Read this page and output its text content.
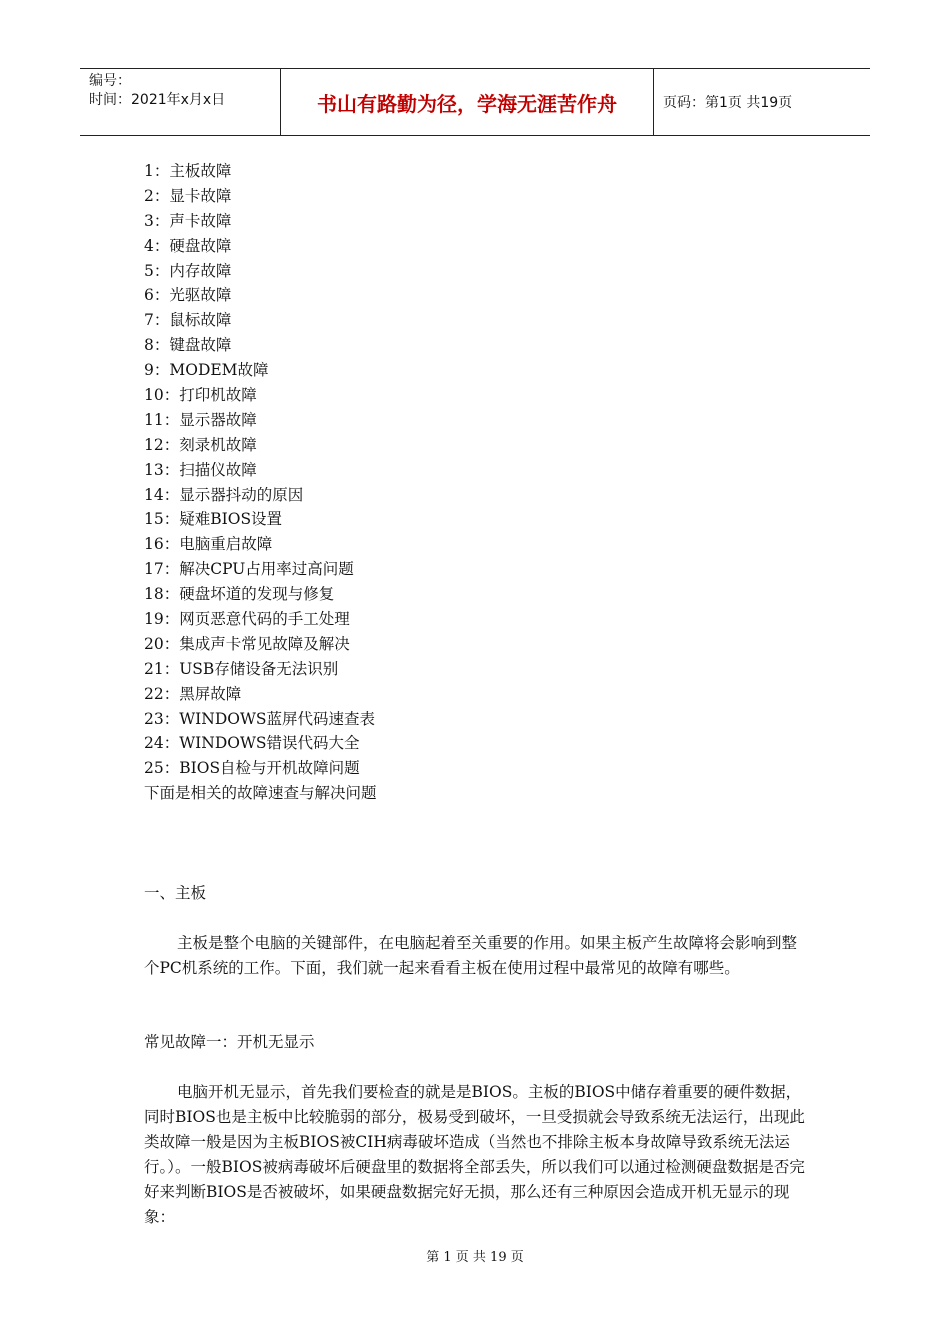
编号：
时间：2021年x月x日	书山有路勤为径，学海无涯苦作舟	页码：第1页 共19页
1：主板故障
2：显卡故障
3：声卡故障
4：硬盘故障
5：内存故障
6：光驱故障
7：鼠标故障
8：键盘故障
9：MODEM故障
10：打印机故障
11：显示器故障
12：刻录机故障
13：扫描仪故障
14：显示器抖动的原因
15：疑难BIOS设置
16：电脑重启故障
17：解决CPU占用率过高问题
18：硬盘坏道的发现与修复
19：网页恶意代码的手工处理
20：集成声卡常见故障及解决
21：USB存储设备无法识别
22：黑屏故障
23：WINDOWS蓝屏代码速查表
24：WINDOWS错误代码大全
25：BIOS自检与开机故障问题
下面是相关的故障速查与解决问题

一、主板

主板是整个电脑的关键部件，在电脑起着至关重要的作用。如果主板产生故障将会影响到整个PC机系统的工作。下面，我们就一起来看看主板在使用过程中最常见的故障有哪些。

常见故障一：开机无显示

电脑开机无显示，首先我们要检查的就是是BIOS。主板的BIOS中储存着重要的硬件数据，同时BIOS也是主板中比较脆弱的部分，极易受到破坏，一旦受损就会导致系统无法运行，出现此类故障一般是因为主板BIOS被CIH病毒破坏造成（当然也不排除主板本身故障导致系统无法运行。）。一般BIOS被病毒破坏后硬盘里的数据将全部丢失，所以我们可以通过检测硬盘数据是否完好来判断BIOS是否被破坏，如果硬盘数据完好无损，那么还有三种原因会造成开机无显示的现象：

第 1 页 共 19 页
